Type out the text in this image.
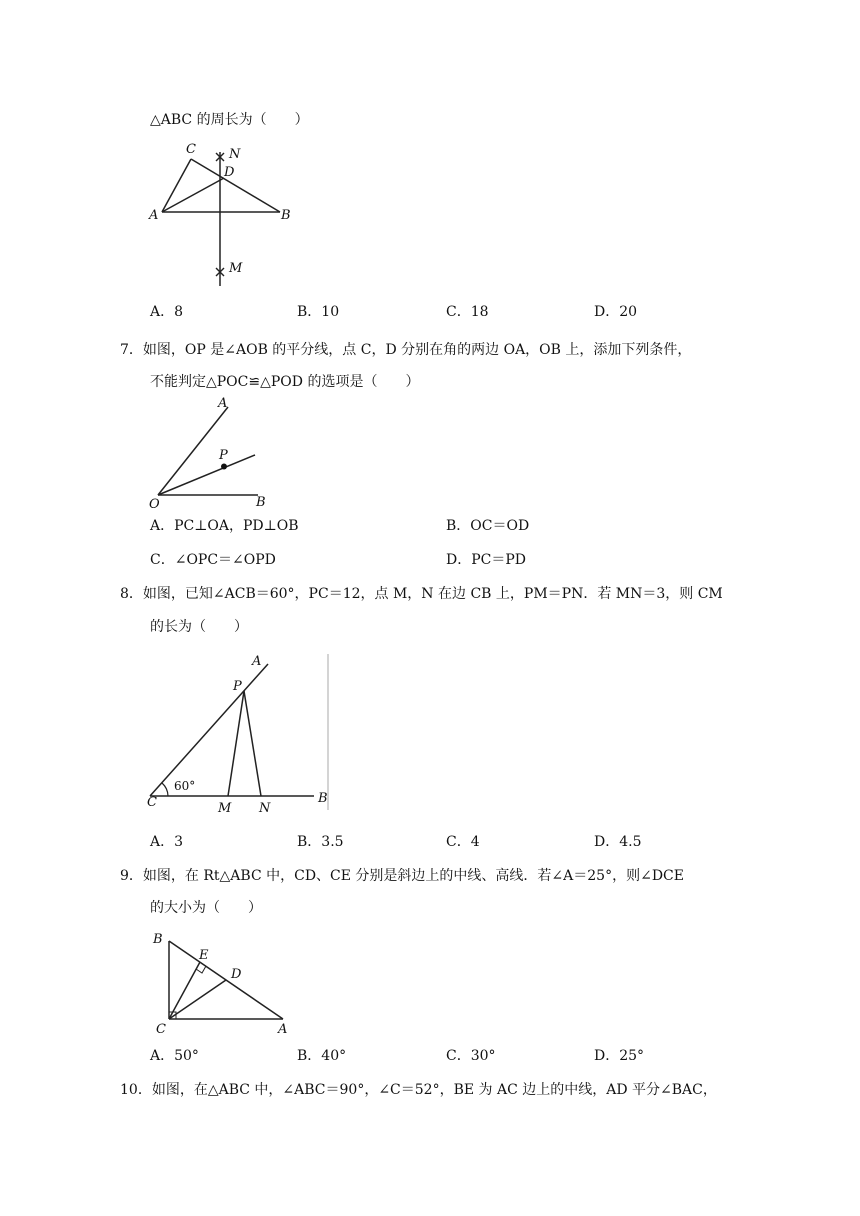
△ABC 的周长为（　　）
C	N
D
A	B
M
A．8	B．10	C．18	D．20
7．如图，OP 是∠AOB 的平分线，点 C，D 分别在角的两边 OA，OB 上，添加下列条件，
不能判定△POC≌△POD 的选项是（　　）
A
P
O	B
A．PC⊥OA，PD⊥OB	B．OC＝OD
C．∠OPC＝∠OPD	D．PC＝PD
8．如图，已知∠ACB＝60°，PC＝12，点 M，N 在边 CB 上，PM＝PN．若 MN＝3，则 CM
的长为（　　）
A
P
C
60°
M N
B
A．3	B．3.5	C．4	D．4.5
9．如图，在 Rt△ABC 中，CD、CE 分别是斜边上的中线、高线．若∠A＝25°，则∠DCE
的大小为（　　）
B
E
D
C	A
A．50°	B．40°	C．30°	D．25°
10．如图，在△ABC 中，∠ABC＝90°，∠C＝52°，BE 为 AC 边上的中线，AD 平分∠BAC，
